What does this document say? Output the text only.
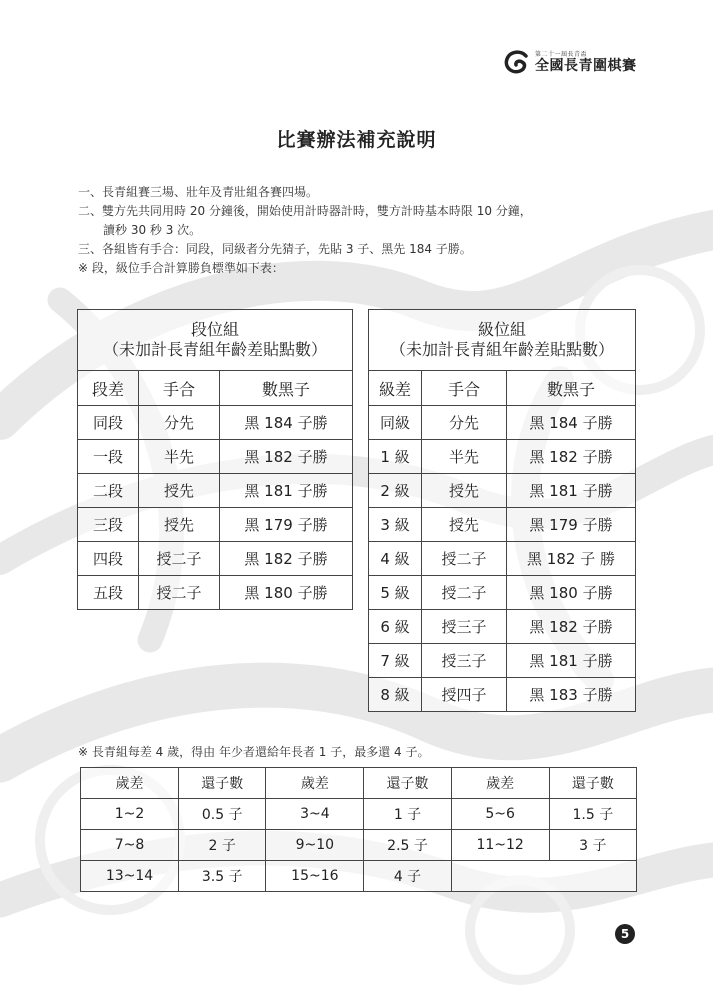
第二十一屆長青盃
全國長青圍棋賽
比賽辦法補充說明

一、長青組賽三場、壯年及青壯組各賽四場。

二、雙方先共同用時 20 分鐘後，開始使用計時器計時，雙方計時基本時限 10 分鐘，

讀秒 30 秒 3 次。

三、各組皆有手合：同段，同級者分先猜子，先貼 3 子、黑先 184 子勝。

※ 段，級位手合計算勝負標準如下表：

段位組
（未加計長青組年齡差貼點數）		

段差	手合	數黑子
同段	分先	黑 184 子勝
一段	半先	黑 182 子勝
二段	授先	黑 181 子勝
三段	授先	黑 179 子勝
四段	授二子	黑 182 子勝
五段	授二子	黑 180 子勝
級位組
（未加計長青組年齡差貼點數）		

級差	手合	數黑子
同級	分先	黑 184 子勝
1 級	半先	黑 182 子勝
2 級	授先	黑 181 子勝
3 級	授先	黑 179 子勝
4 級	授二子	黑 182 子 勝
5 級	授二子	黑 180 子勝
6 級	授三子	黑 182 子勝
7 級	授三子	黑 181 子勝
8 級	授四子	黑 183 子勝
※ 長青組每差 4 歲，得由 年少者還給年長者 1 子，最多還 4 子。
歲差	還子數	歲差	還子數	歲差	還子數
1~2	0.5 子	3~4	1 子	5~6	1.5 子
7~8	2 子	9~10	2.5 子	11~12	3 子
13~14	3.5 子	15~16	4 子		
5
